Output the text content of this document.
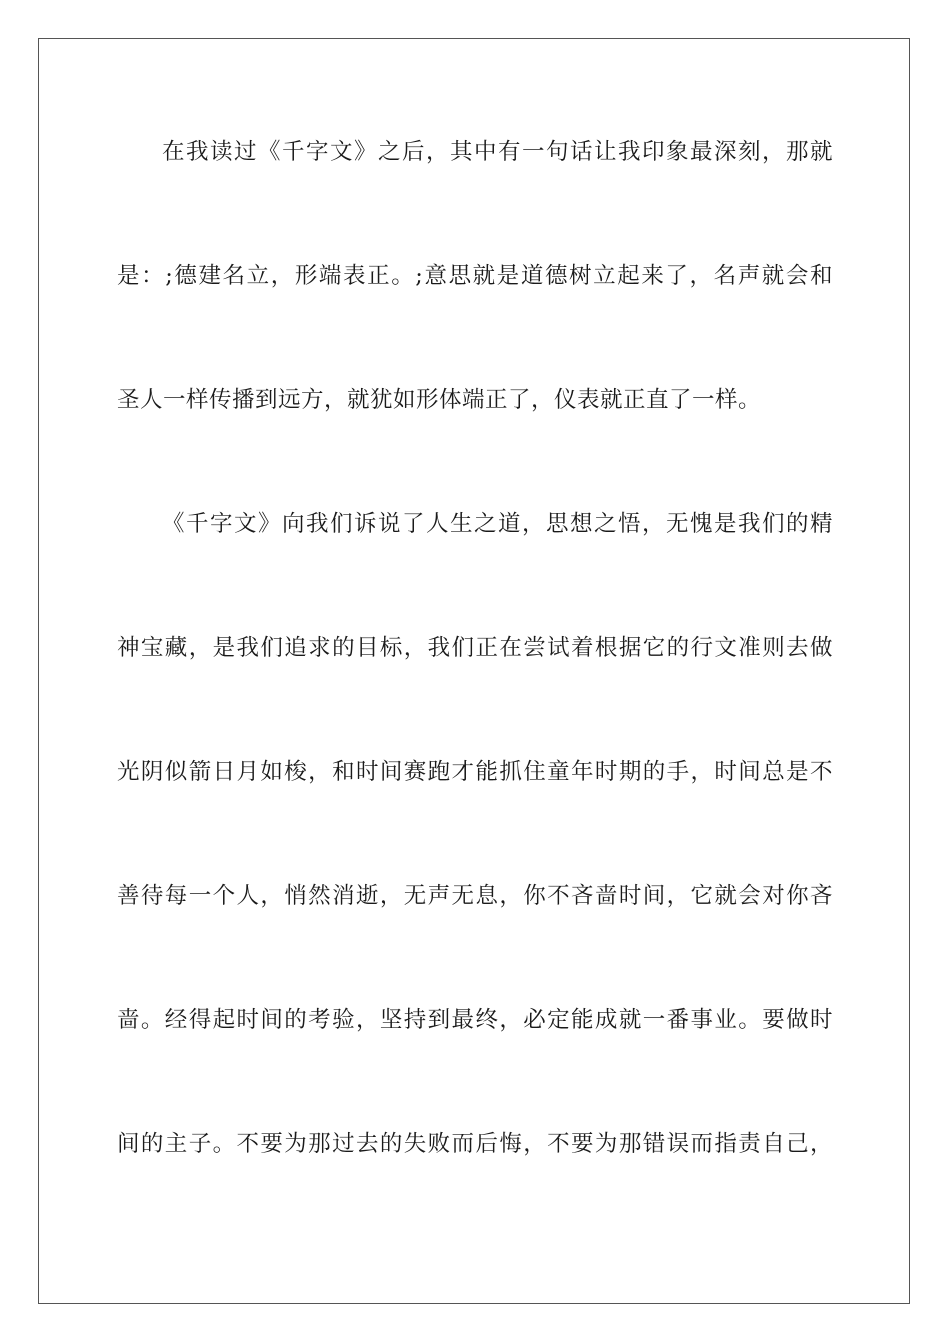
在我读过《千字文》之后，其中有一句话让我印象最深刻，那就
是：;德建名立，形端表正。;意思就是道德树立起来了，名声就会和
圣人一样传播到远方，就犹如形体端正了，仪表就正直了一样。
《千字文》向我们诉说了人生之道，思想之悟，无愧是我们的精
神宝藏，是我们追求的目标，我们正在尝试着根据它的行文准则去做
光阴似箭日月如梭，和时间赛跑才能抓住童年时期的手，时间总是不
善待每一个人，悄然消逝，无声无息，你不吝啬时间，它就会对你吝
啬。经得起时间的考验，坚持到最终，必定能成就一番事业。要做时
间的主子。不要为那过去的失败而后悔，不要为那错误而指责自己，
